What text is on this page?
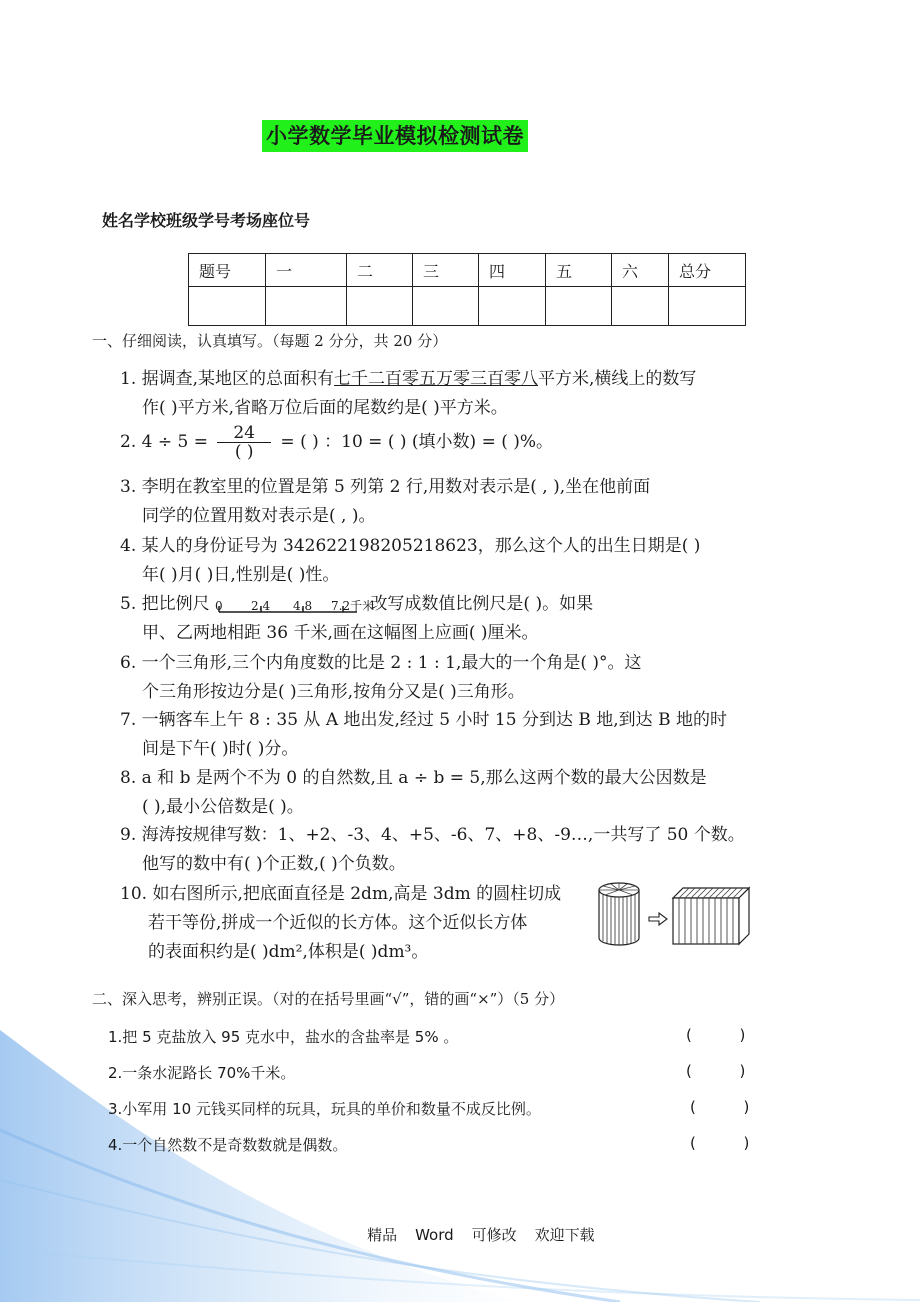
小学数学毕业模拟检测试卷
姓名学校班级学号考场座位号
题号	一	二	三	四	五	六	总分

一、仔细阅读，认真填写。（每题 2 分分，共 20 分）
1. 据调查,某地区的总面积有七千二百零五万零三百零八平方米,横线上的数写
作( )平方米,省略万位后面的尾数约是( )平方米。
2. $4 \div 5 = \frac{24}{( )}$ = ( ) ：10 = ( ) (填小数) = ( )%。
3. 李明在教室里的位置是第 5 列第 2 行,用数对表示是( , ),坐在他前面
同学的位置用数对表示是( , )。
4. 某人的身份证号为 342622198205218623，那么这个人的出生日期是( )
年( )月( )日,性别是( )性。
5. 把比例尺 0 2.4 4.8 7.2千米
改写成数值比例尺是( )。如果
甲、乙两地相距 36 千米,画在这幅图上应画( )厘米。
6. 一个三角形,三个内角度数的比是 2 : 1 : 1,最大的一个角是( )°。这
个三角形按边分是( )三角形,按角分又是( )三角形。
7. 一辆客车上午 8 : 35 从 A 地出发,经过 5 小时 15 分到达 B 地,到达 B 地的时
间是下午( )时( )分。
8. a 和 b 是两个不为 0 的自然数,且 a ÷ b = 5,那么这两个数的最大公因数是
( ),最小公倍数是( )。
9. 海涛按规律写数：1、+2、-3、4、+5、-6、7、+8、-9…,一共写了 50 个数。
他写的数中有( )个正数,( )个负数。
10. 如右图所示,把底面直径是 2dm,高是 3dm 的圆柱切成
若干等份,拼成一个近似的长方体。这个近似长方体
的表面积约是( )dm²,体积是( )dm³。
二、深入思考，辨别正误。（对的在括号里画“√”，错的画“×”）（5 分）
1.把 5 克盐放入 95 克水中，盐水的含盐率是 5% 。	(          )
2.一条水泥路长 70%千米。	(          )
3.小军用 10 元钱买同样的玩具，玩具的单价和数量不成反比例。	(          )
4.一个自然数不是奇数数就是偶数。	(          )

精品 Word 可修改 欢迎下载
